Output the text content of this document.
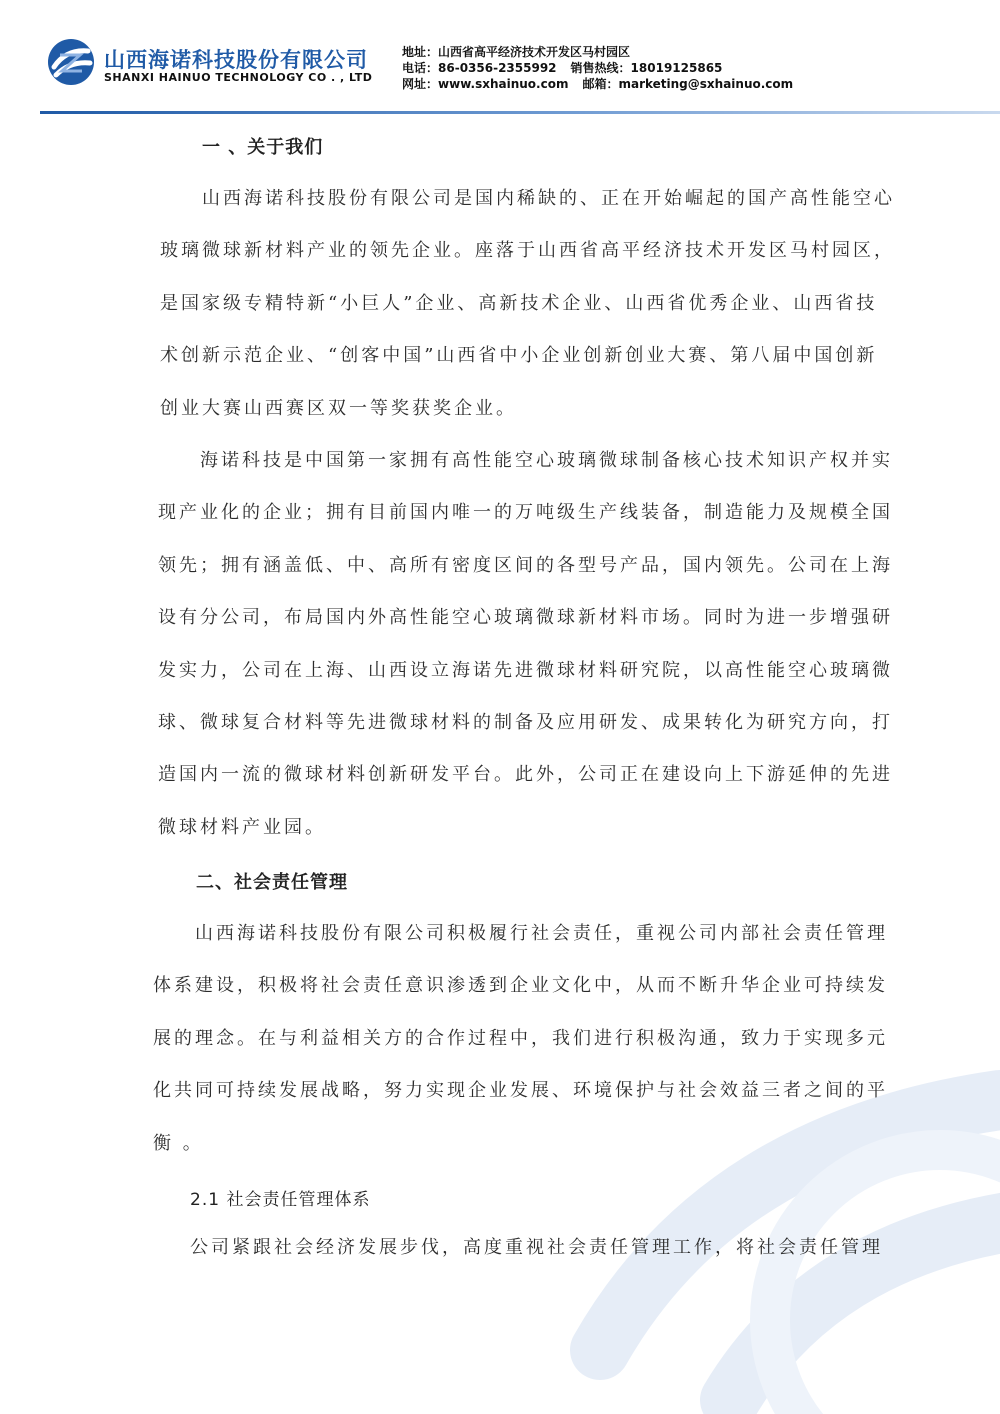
山西海诺科技股份有限公司
SHANXI HAINUO TECHNOLOGY CO . , LTD
地址：山西省高平经济技术开发区马村园区
电话：86-0356-2355992 销售热线：18019125865
网址：www.sxhainuo.com 邮箱：marketing@sxhainuo.com
一 、关于我们
山西海诺科技股份有限公司是国内稀缺的、正在开始崛起的国产高性能空心
玻璃微球新材料产业的领先企业。座落于山西省高平经济技术开发区马村园区，
是国家级专精特新“小巨人”企业、高新技术企业、山西省优秀企业、山西省技
术创新示范企业、“创客中国”山西省中小企业创新创业大赛、第八届中国创新
创业大赛山西赛区双一等奖获奖企业。
海诺科技是中国第一家拥有高性能空心玻璃微球制备核心技术知识产权并实
现产业化的企业；拥有目前国内唯一的万吨级生产线装备，制造能力及规模全国
领先；拥有涵盖低、中、高所有密度区间的各型号产品，国内领先。公司在上海
设有分公司，布局国内外高性能空心玻璃微球新材料市场。同时为进一步增强研
发实力，公司在上海、山西设立海诺先进微球材料研究院，以高性能空心玻璃微
球、微球复合材料等先进微球材料的制备及应用研发、成果转化为研究方向，打
造国内一流的微球材料创新研发平台。此外，公司正在建设向上下游延伸的先进
微球材料产业园。
二、社会责任管理
山西海诺科技股份有限公司积极履行社会责任，重视公司内部社会责任管理
体系建设，积极将社会责任意识渗透到企业文化中，从而不断升华企业可持续发
展的理念。在与利益相关方的合作过程中，我们进行积极沟通，致力于实现多元
化共同可持续发展战略，努力实现企业发展、环境保护与社会效益三者之间的平
衡 。
2.1 社会责任管理体系
公司紧跟社会经济发展步伐，高度重视社会责任管理工作，将社会责任管理
